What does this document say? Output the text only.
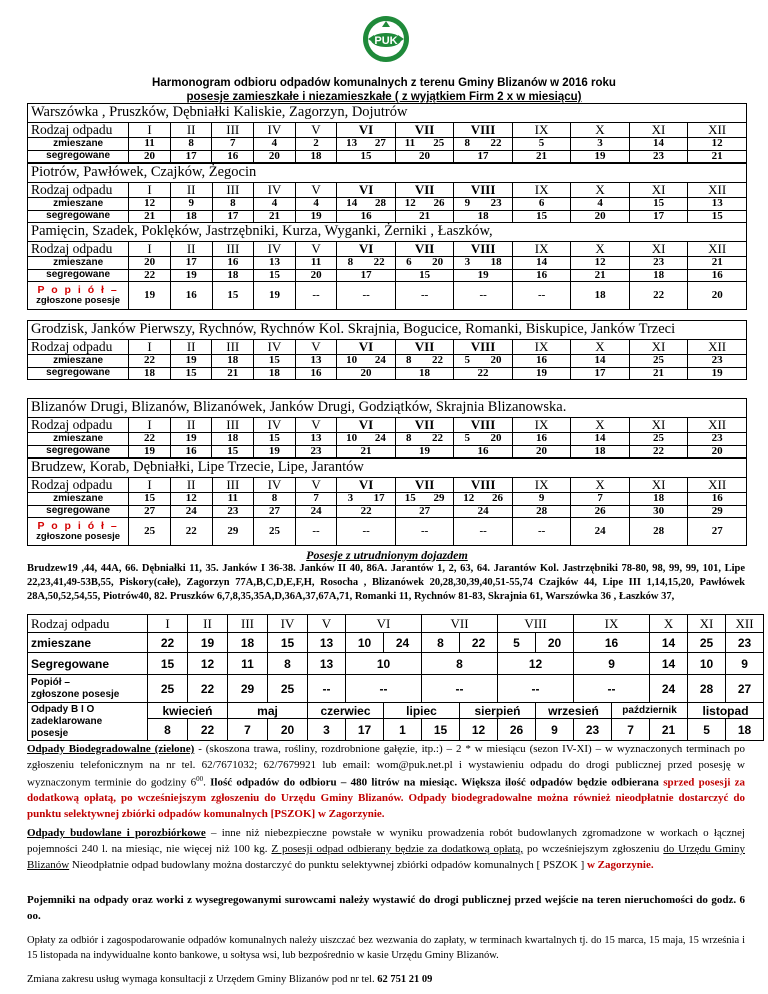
PUK
Harmonogram odbioru odpadów komunalnych z terenu Gminy Blizanów w 2016 roku
posesje zamieszkałe i niezamieszkałe ( z wyjątkiem Firm 2 x w miesiącu)
Warszówka , Pruszków, Dębniałki Kaliskie, Zagorzyn, Dojutrów												
Rodzaj odpadu	I	II	III	IV	V	VI	VII	VIII	IX	X	XI	XII
zmieszane	11	8	7	4	2	13 27	11 25	8 22	5	3	14	12
segregowane	20	17	16	20	18	15	20	17	21	19	23	21
Piotrów, Pawłówek, Czajków, Żegocin												
Rodzaj odpadu	I	II	III	IV	V	VI	VII	VIII	IX	X	XI	XII
zmieszane	12	9	8	4	4	14 28	12 26	9 23	6	4	15	13
segregowane	21	18	17	21	19	16	21	18	15	20	17	15
Pamięcin, Szadek, Poklęków, Jastrzębniki, Kurza, Wyganki, Żerniki , Łaszków,												
Rodzaj odpadu	I	II	III	IV	V	VI	VII	VIII	IX	X	XI	XII
zmieszane	20	17	16	13	11	8 22	6 20	3 18	14	12	23	21
segregowane	22	19	18	15	20	17	15	19	16	21	18	16

P o p i ó ł –
zgłoszone posesje	19	16	15	19	--	--	--	--	--	18	22	20
Grodzisk, Janków Pierwszy, Rychnów, Rychnów Kol. Skrajnia, Bogucice, Romanki, Biskupice, Janków Trzeci												
Rodzaj odpadu	I	II	III	IV	V	VI	VII	VIII	IX	X	XI	XII
zmieszane	22	19	18	15	13	10 24	8 22	5 20	16	14	25	23
segregowane	18	15	21	18	16	20	18	22	19	17	21	19
Blizanów Drugi, Blizanów, Blizanówek, Janków Drugi, Godziątków, Skrajnia Blizanowska.												
Rodzaj odpadu	I	II	III	IV	V	VI	VII	VIII	IX	X	XI	XII
zmieszane	22	19	18	15	13	10 24	8 22	5 20	16	14	25	23
segregowane	19	16	15	19	23	21	19	16	20	18	22	20
Brudzew, Korab, Dębniałki, Lipe Trzecie, Lipe, Jarantów												
Rodzaj odpadu	I	II	III	IV	V	VI	VII	VIII	IX	X	XI	XII
zmieszane	15	12	11	8	7	3 17	15 29	12 26	9	7	18	16
segregowane	27	24	23	27	24	22	27	24	28	26	30	29

P o p i ó ł –
zgłoszone posesje	25	22	29	25	--	--	--	--	--	24	28	27
Posesje z utrudnionym dojazdem
Brudzew19 ,44, 44A, 66. Dębniałki 11, 35. Janków I 36-38. Janków II 40, 86A. Jarantów 1, 2, 63, 64. Jarantów Kol. Jastrzębniki 78-80, 98, 99, 99, 101, Lipe 22,23,41,49-53B,55, Piskory(całe), Zagorzyn 77A,B,C,D,E,F,H, Rosocha , Blizanówek 20,28,30,39,40,51-55,74 Czajków 44, Lipe III 1,14,15,20, Pawłówek 28A,50,52,54,55, Piotrów40, 82. Pruszków 6,7,8,35,35A,D,36A,37,67A,71, Romanki 11, Rychnów 81-83, Skrajnia 61, Warszówka 36 , Łaszków 37,
Rodzaj odpadu	I	II	III	IV	V	VI		VII		VIII		IX		X	XI	XII
zmieszane	22	19	18	15	13	10	24	8	22	5	20	16		14	25	23
Segregowane	15	12	11	8	13	10		8		12		9		14	10	9

Popiół –
zgłoszone posesje	25	22	29	25	--	--		--		--		--		24	28	27

Odpady B I O
zadeklarowane
posesje	kwiecień		maj		czerwiec		lipiec		sierpień		wrzesień		październik		listopad	
	8	22	7	20	3	17	1	15	12	26	9	23	7	21	5	18
Odpady Biodegradowalne (zielone) - (skoszona trawa, rośliny, rozdrobnione gałęzie, itp.:) – 2 * w miesiącu (sezon IV-XI) – w wyznaczonych terminach po zgłoszeniu telefonicznym na nr tel. 62/7671032; 62/7679921 lub email: wom@puk.net.pl i wystawieniu odpadu do drogi publicznej przed posesję w wyznaczonym terminie do godziny $6^{00}$. Ilość odpadów do odbioru – 480 litrów na miesiąc. Większa ilość odpadów będzie odbierana sprzed posesji za dodatkową opłatą, po wcześniejszym zgłoszeniu do Urzędu Gminy Blizanów. Odpady biodegradowalne można również nieodpłatnie dostarczyć do punktu selektywnej zbiórki odpadów komunalnych [PSZOK] w Zagorzynie.
Odpady budowlane i porozbiórkowe – inne niż niebezpieczne powstałe w wyniku prowadzenia robót budowlanych zgromadzone w workach o łącznej pojemności 240 l. na miesiąc, nie więcej niż 100 kg. Z posesji odpad odbierany będzie za dodatkową opłatą, po wcześniejszym zgłoszeniu do Urzędu Gminy Blizanów Nieodpłatnie odpad budowlany można dostarczyć do punktu selektywnej zbiórki odpadów komunalnych [ PSZOK ] w Zagorzynie.
Pojemniki na odpady oraz worki z wysegregowanymi surowcami należy wystawić do drogi publicznej przed wejście na teren nieruchomości do godz. 6 oo.
Opłaty za odbiór i zagospodarowanie odpadów komunalnych należy uiszczać bez wezwania do zapłaty, w terminach kwartalnych tj. do 15 marca, 15 maja, 15 września i 15 listopada na indywidualne konto bankowe, u sołtysa wsi, lub bezpośrednio w kasie Urzędu Gminy Blizanów.
Zmiana zakresu usług wymaga konsultacji z Urzędem Gminy Blizanów pod nr tel. 62 751 21 09
